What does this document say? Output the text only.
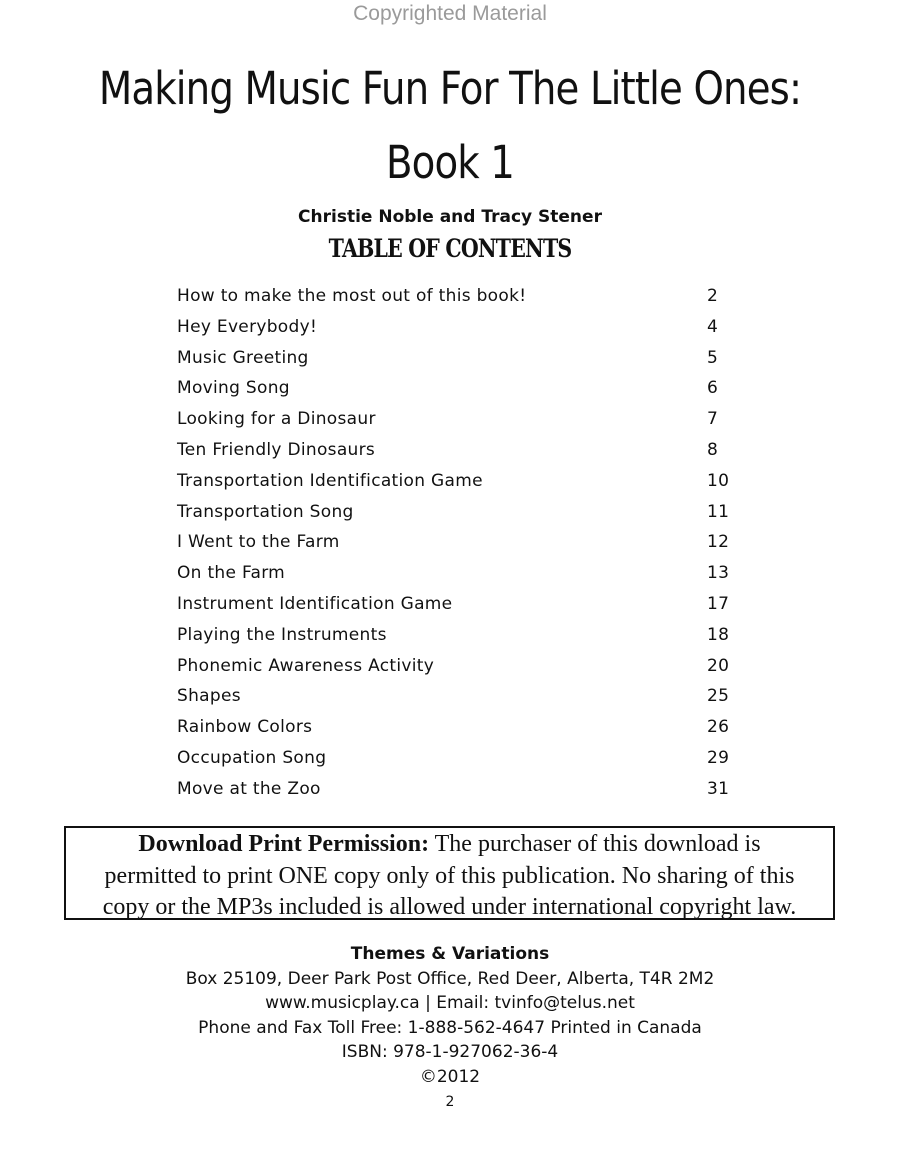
Copyrighted Material
Making Music Fun For The Little Ones:
Book 1
Christie Noble and Tracy Stener
TABLE OF CONTENTS
How to make the most out of this book!	2
Hey Everybody!	4
Music Greeting	5
Moving Song	6
Looking for a Dinosaur	7
Ten Friendly Dinosaurs	8
Transportation Identification Game	10
Transportation Song	11
I Went to the Farm	12
On the Farm	13
Instrument Identification Game	17
Playing the Instruments	18
Phonemic Awareness Activity	20
Shapes	25
Rainbow Colors	26
Occupation Song	29
Move at the Zoo	31
Download Print Permission: The purchaser of this download is
permitted to print ONE copy only of this publication. No sharing of this
copy or the MP3s included is allowed under international copyright law.
Themes & Variations
Box 25109, Deer Park Post Office, Red Deer, Alberta, T4R 2M2
www.musicplay.ca | Email: tvinfo@telus.net
Phone and Fax Toll Free: 1-888-562-4647 Printed in Canada
ISBN: 978-1-927062-36-4
©2012
2
